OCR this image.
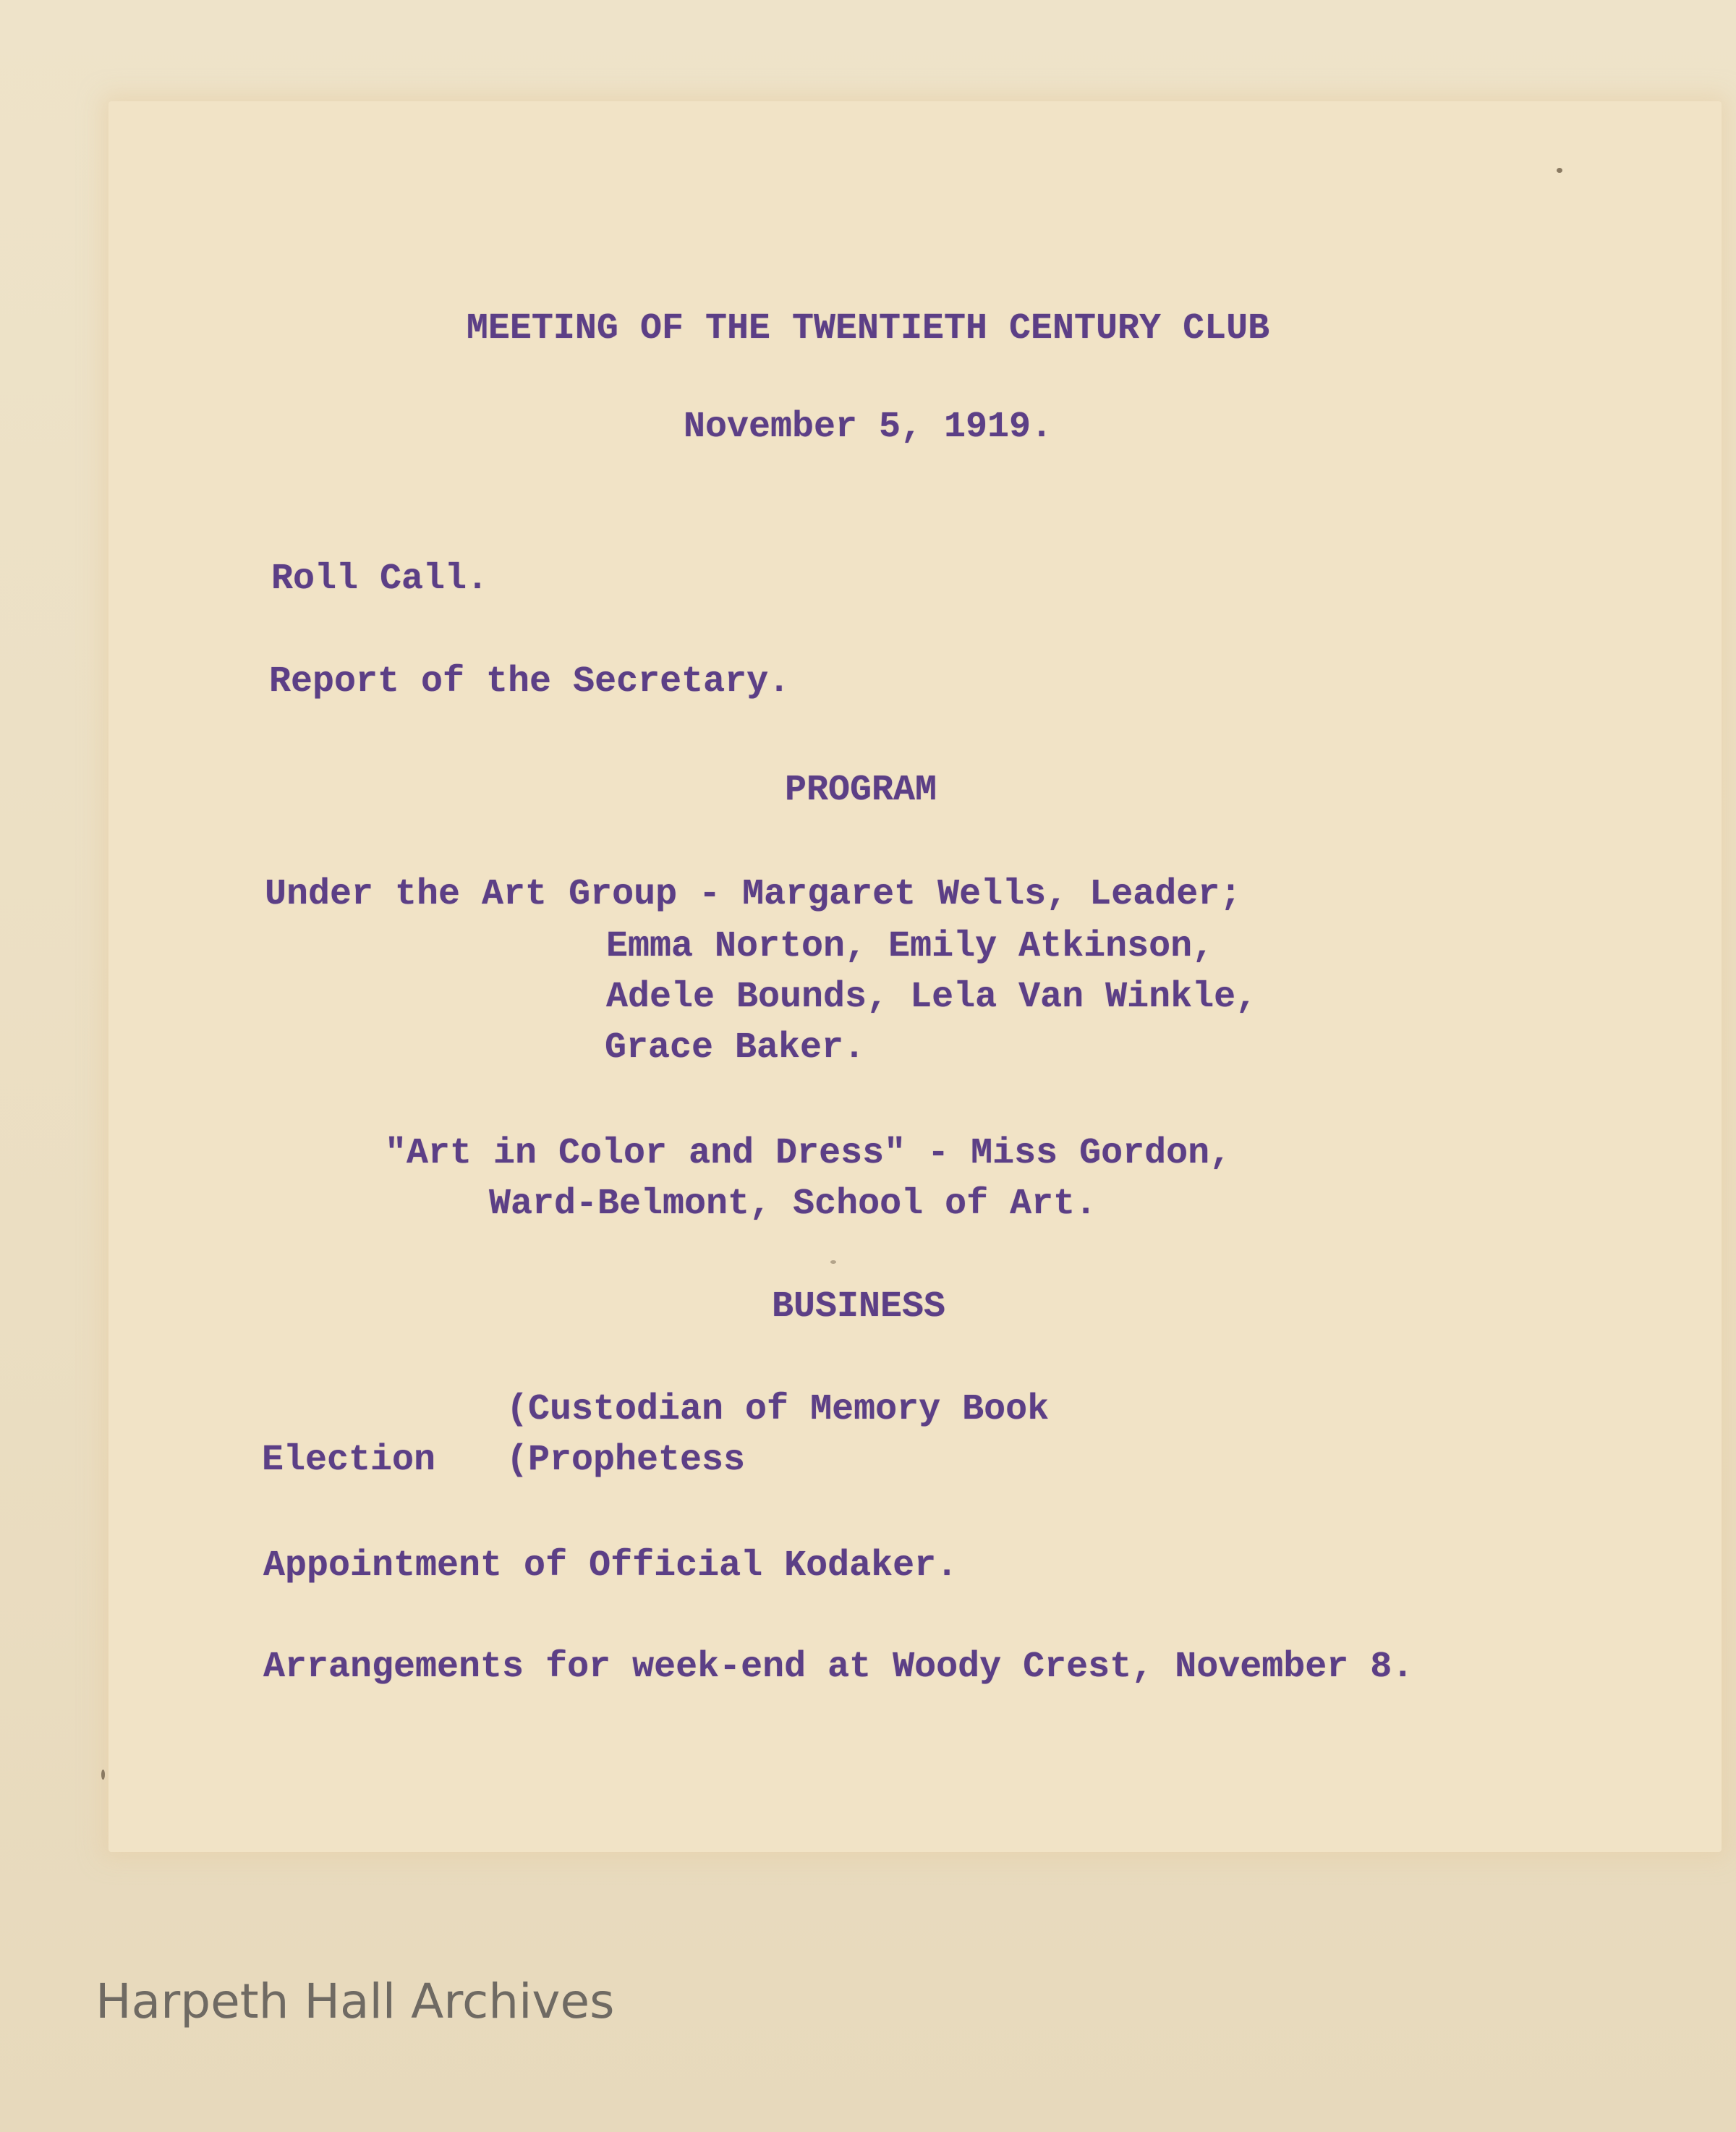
MEETING OF THE TWENTIETH CENTURY CLUB
November 5, 1919.
Roll Call.
Report of the Secretary.
PROGRAM
Under the Art Group - Margaret Wells, Leader;
Emma Norton, Emily Atkinson,
Adele Bounds, Lela Van Winkle,
Grace Baker.
"Art in Color and Dress" - Miss Gordon,
Ward-Belmont, School of Art.
BUSINESS
(Custodian of Memory Book
Election (Prophetess
Appointment of Official Kodaker.
Arrangements for week-end at Woody Crest, November 8.
Harpeth Hall Archives
